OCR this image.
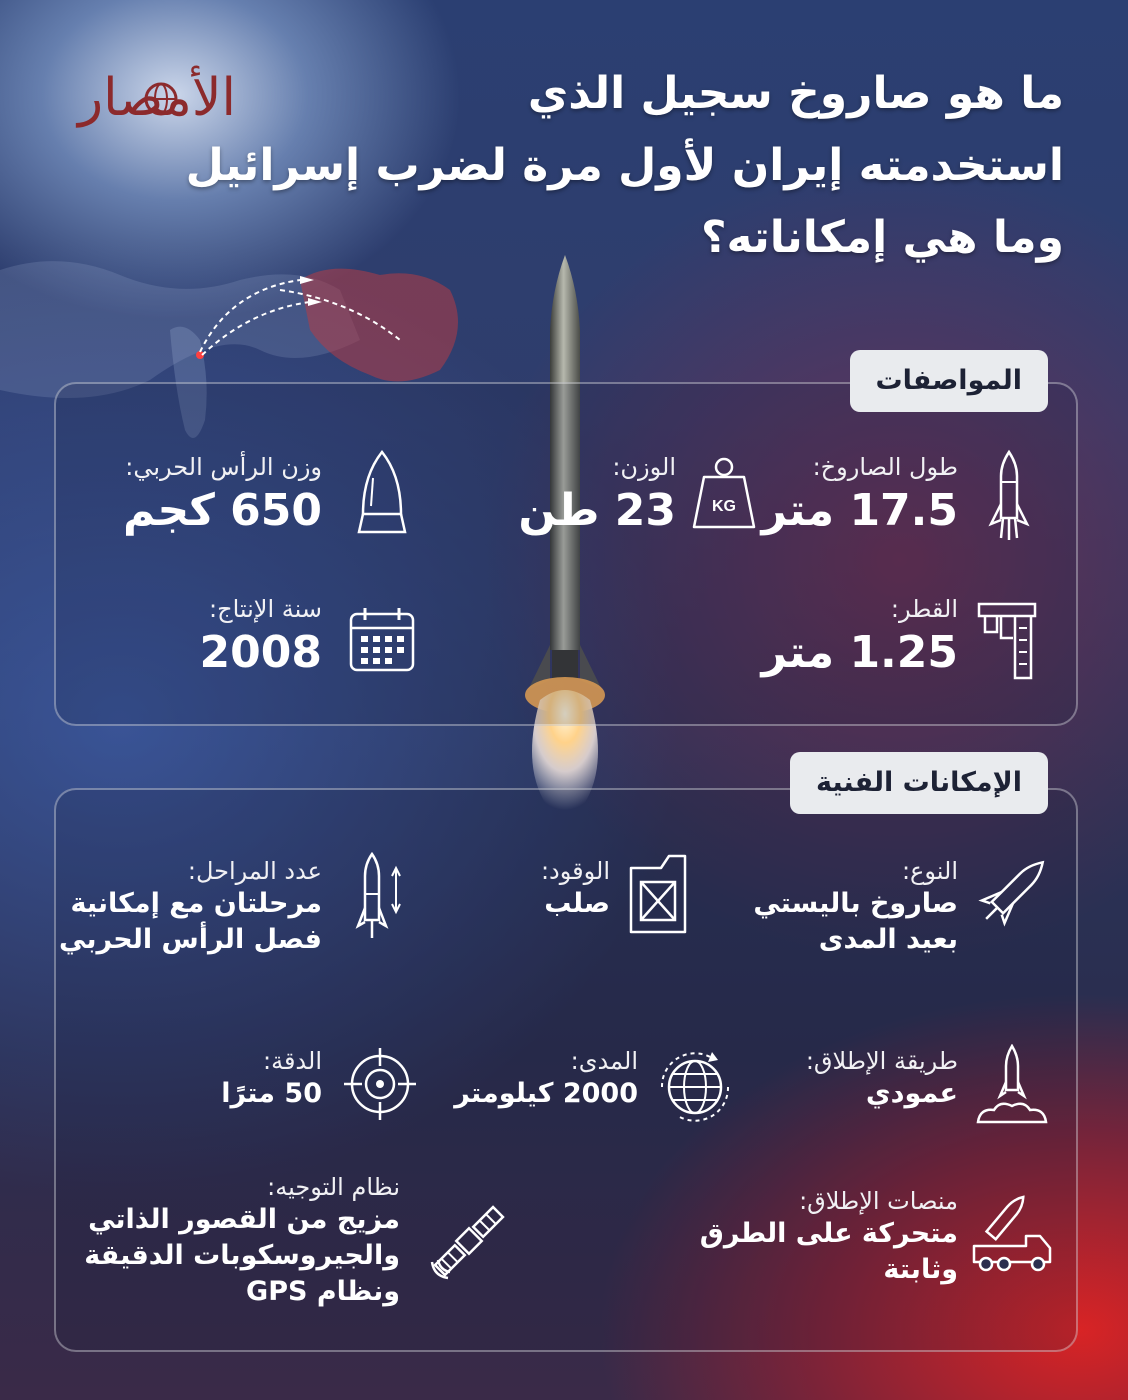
الأمصار	ما هو صاروخ سجيل الذي
استخدمته إيران لأول مرة لضرب إسرائيل
وما هي إمكاناته؟
المواصفات
طول الصاروخ:
17.5 متر
الوزن:
23 طن KG
وزن الرأس الحربي:
650 كجم
القطر:
1.25 متر
سنة الإنتاج:
2008
الإمكانات الفنية
النوع:
صاروخ باليستي
بعيد المدى
الوقود:
صلب
عدد المراحل:
مرحلتان مع إمكانية
فصل الرأس الحربي
طريقة الإطلاق:
عمودي
المدى:
2000 كيلومتر
الدقة:
50 مترًا
منصات الإطلاق:
متحركة على الطرق
وثابتة
نظام التوجيه:
مزيج من القصور الذاتي
والجيروسكوبات الدقيقة
ونظام GPS
